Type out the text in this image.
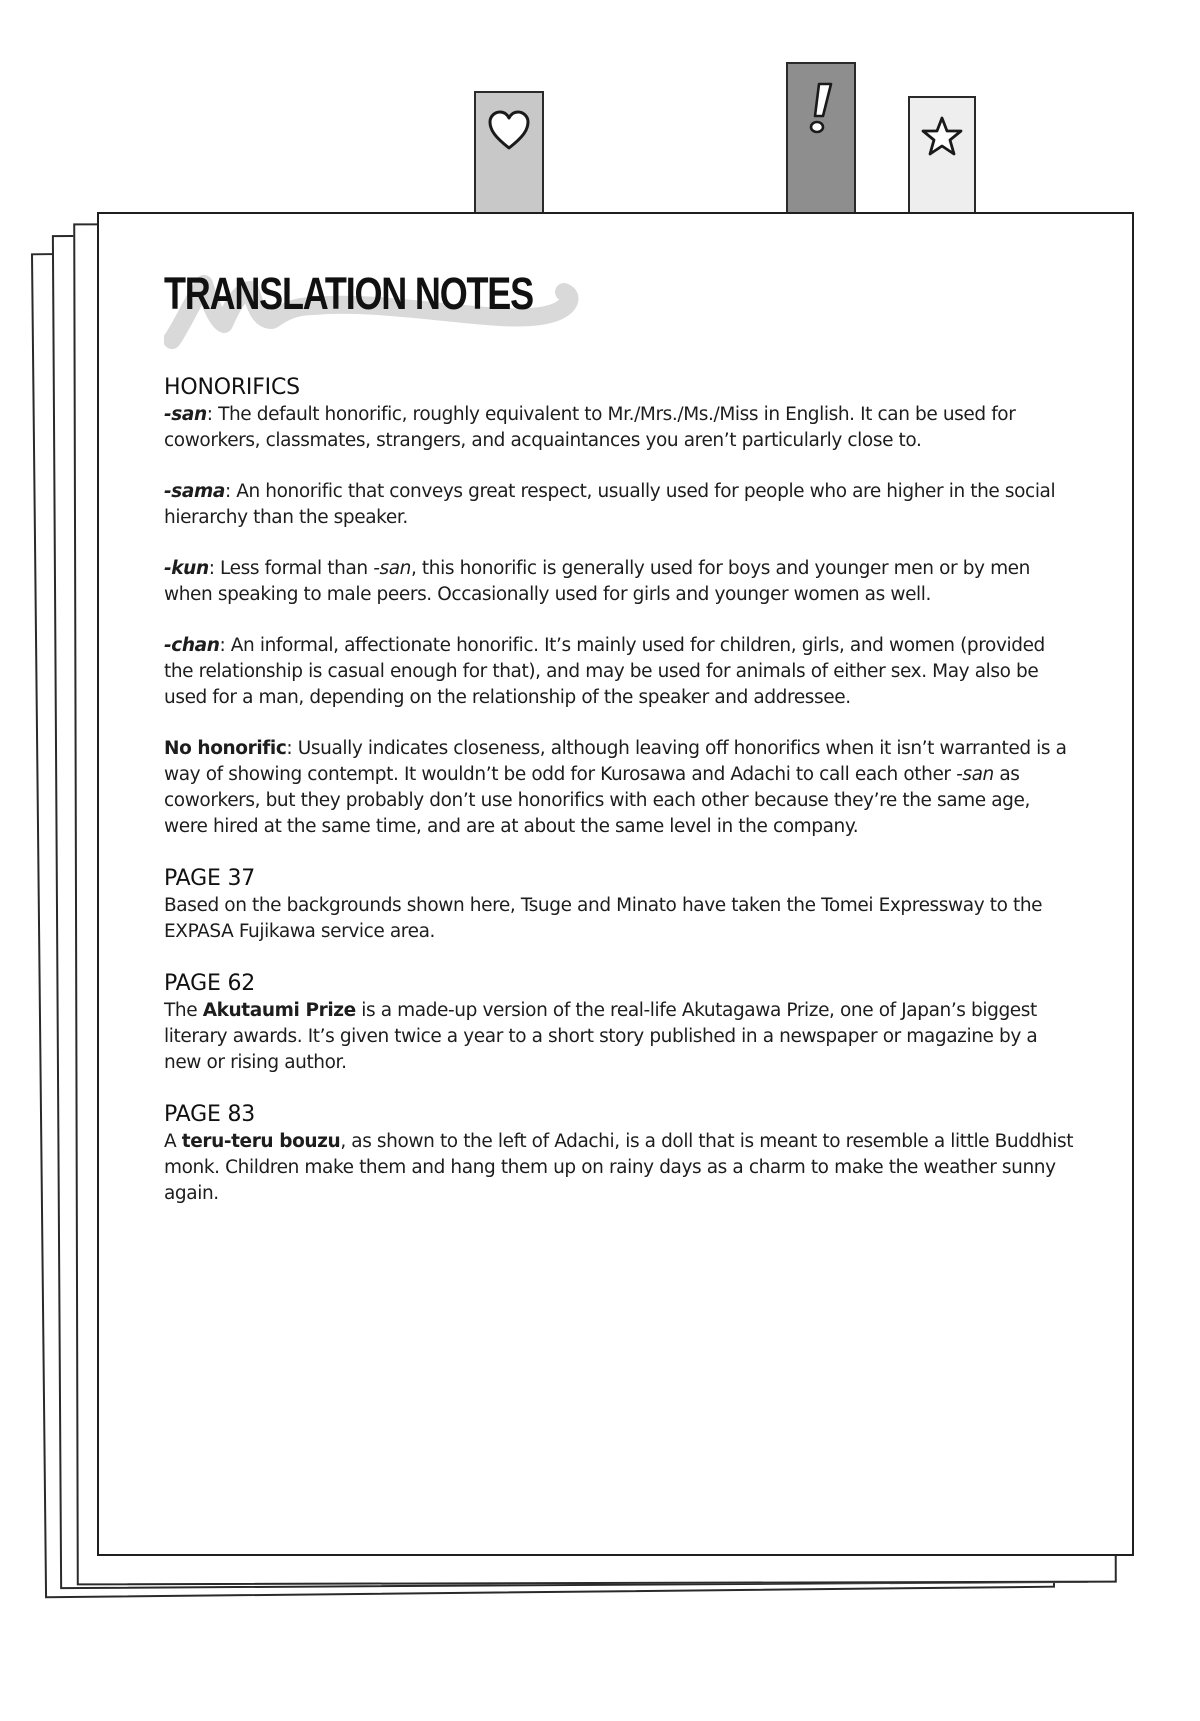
TRANSLATION NOTES
HONORIFICS

-san: The default honorific, roughly equivalent to Mr./Mrs./Ms./Miss in English. It can be used for coworkers, classmates, strangers, and acquaintances you aren’t particularly close to.

-sama: An honorific that conveys great respect, usually used for people who are higher in the social hierarchy than the speaker.

-kun: Less formal than -san, this honorific is generally used for boys and younger men or by men when speaking to male peers. Occasionally used for girls and younger women as well.

-chan: An informal, affectionate honorific. It’s mainly used for children, girls, and women (provided the relationship is casual enough for that), and may be used for animals of either sex. May also be used for a man, depending on the relationship of the speaker and addressee.

No honorific: Usually indicates closeness, although leaving off honorifics when it isn’t warranted is a way of showing contempt. It wouldn’t be odd for Kurosawa and Adachi to call each other -san as coworkers, but they probably don’t use honorifics with each other because they’re the same age, were hired at the same time, and are at about the same level in the company.

PAGE 37

Based on the backgrounds shown here, Tsuge and Minato have taken the Tomei Expressway to the EXPASA Fujikawa service area.

PAGE 62

The Akutaumi Prize is a made-up version of the real-life Akutagawa Prize, one of Japan’s biggest literary awards. It’s given twice a year to a short story published in a newspaper or magazine by a new or rising author.

PAGE 83

A teru-teru bouzu, as shown to the left of Adachi, is a doll that is meant to resemble a little Buddhist monk. Children make them and hang them up on rainy days as a charm to make the weather sunny again.
